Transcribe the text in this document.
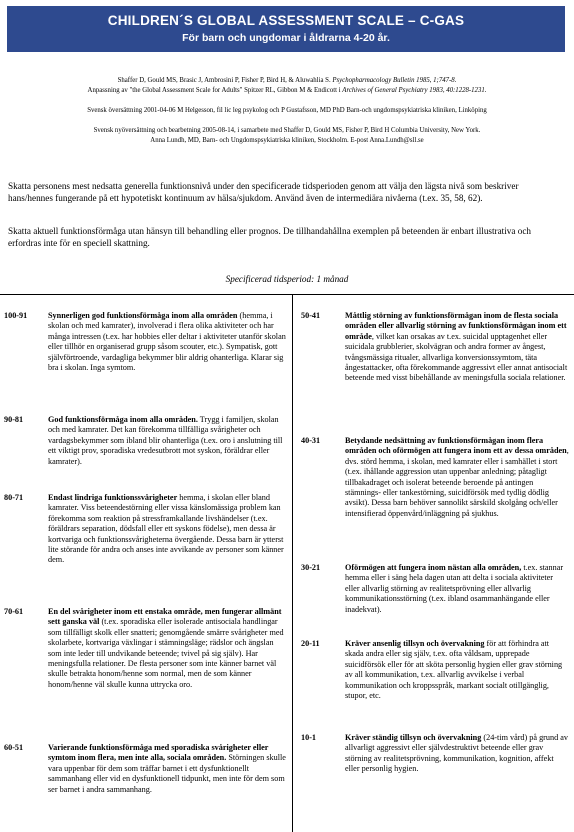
CHILDREN´S GLOBAL ASSESSMENT SCALE – C-GAS
För barn och ungdomar i åldrarna 4-20 år.
Shaffer D, Gould MS, Brasic J, Ambrosini P, Fisher P, Bird H, & Aluwahlia S. Psychopharmacology Bulletin 1985, 1;747-8.
Anpassning av "the Global Assessment Scale for Adults" Spitzer RL, Gibbon M & Endicott i Archives of General Psychiatry 1983, 40:1228-1231.
Svensk översättning 2001-04-06 M Helgesson, fil lic leg psykolog och P Gustafsson, MD PhD Barn-och ungdomspsykiatriska kliniken, Linköping
Svensk nyöversättning och bearbetning 2005-08-14, i samarbete med Shaffer D, Gould MS, Fisher P, Bird H Columbia University, New York.
Anna Lundh, MD, Barn- och Ungdomspsykiatriska kliniken, Stockholm. E-post Anna.Lundh@sll.se

Skatta personens mest nedsatta generella funktionsnivå under den specificerade tidsperioden genom att välja den lägsta nivå som beskriver hans/hennes fungerande på ett hypotetiskt kontinuum av hälsa/sjukdom. Använd även de intermediära nivåerna (t.ex. 35, 58, 62).

Skatta aktuell funktionsförmåga utan hänsyn till behandling eller prognos. De tillhandahållna exemplen på beteenden är enbart illustrativa och erfordras inte för en speciell skattning.

Specificerad tidsperiod: 1 månad
100-91	Synnerligen god funktionsförmåga inom alla områden (hemma, i skolan och med kamrater), involverad i flera olika aktiviteter och har många intressen (t.ex. har hobbies eller deltar i aktiviteter utanför skolan eller tillhör en organiserad grupp såsom scouter, etc.). Sympatisk, gott självförtroende, vardagliga bekymmer blir aldrig ohanterliga. Klarar sig bra i skolan. Inga symtom.
90-81	God funktionsförmåga inom alla områden. Trygg i familjen, skolan och med kamrater. Det kan förekomma tillfälliga svårigheter och vardagsbekymmer som ibland blir ohanterliga (t.ex. oro i anslutning till ett viktigt prov, sporadiska vredesutbrott mot syskon, föräldrar eller kamrater).
80-71	Endast lindriga funktionssvårigheter hemma, i skolan eller bland kamrater. Viss beteendestörning eller vissa känslomässiga problem kan förekomma som reaktion på stressframkallande livshändelser (t.ex. föräldrars separation, dödsfall eller ett syskons födelse), men dessa är kortvariga och funktionssvårigheterna övergående. Dessa barn är ytterst lite störande för andra och anses inte avvikande av personer som känner dem.
70-61	En del svårigheter inom ett enstaka område, men fungerar allmänt sett ganska väl (t.ex. sporadiska eller isolerade antisociala handlingar som tillfälligt skolk eller snatteri; genomgående smärre svårigheter med skolarbete, kortvariga växlingar i stämningsläge; rädslor och ängslan som inte leder till undvikande beteende; tvivel på sig själv). Har meningsfulla relationer. De flesta personer som inte känner barnet väl skulle betrakta honom/henne som normal, men de som känner honom/henne väl skulle kunna uttrycka oro.
60-51	Varierande funktionsförmåga med sporadiska svårigheter eller symtom inom flera, men inte alla, sociala områden. Störningen skulle vara uppenbar för dem som träffar barnet i ett dysfunktionellt sammanhang eller vid en dysfunktionell tidpunkt, men inte för dem som ser barnet i andra sammanhang.
50-41	Måttlig störning av funktionsförmågan inom de flesta sociala områden eller allvarlig störning av funktionsförmågan inom ett område, vilket kan orsakas av t.ex. suicidal upptagenhet eller suicidala grubblerier, skolvägran och andra former av ångest, tvångsmässiga ritualer, allvarliga konversionssymtom, täta ångestattacker, ofta förekommande aggressivt eller annat antisocialt beteende med visst bibehållande av meningsfulla sociala relationer.
40-31	Betydande nedsättning av funktionsförmågan inom flera områden och oförmögen att fungera inom ett av dessa områden, dvs. störd hemma, i skolan, med kamrater eller i samhället i stort (t.ex. ihållande aggression utan uppenbar anledning; påtagligt tillbakadraget och isolerat beteende beroende på antingen stämnings- eller tankestörning, suicidförsök med tydlig dödlig avsikt). Dessa barn behöver sannolikt särskild skolgång och/eller intensifierad öppenvård/inläggning på sjukhus.
30-21	Oförmögen att fungera inom nästan alla områden, t.ex. stannar hemma eller i säng hela dagen utan att delta i sociala aktiviteter eller allvarlig störning av realitetsprövning eller allvarlig kommunikationsstörning (t.ex. ibland osammanhängande eller inadekvat).
20-11	Kräver ansenlig tillsyn och övervakning för att förhindra att skada andra eller sig själv, t.ex. ofta våldsam, upprepade suicidförsök eller för att sköta personlig hygien eller grav störning av all kommunikation, t.ex. allvarlig avvikelse i verbal kommunikation och kroppsspråk, markant socialt otillgänglig, stupor, etc.
10-1	Kräver ständig tillsyn och övervakning (24-tim vård) på grund av allvarligt aggressivt eller självdestruktivt beteende eller grav störning av realitetsprövning, kommunikation, kognition, affekt eller personlig hygien.
